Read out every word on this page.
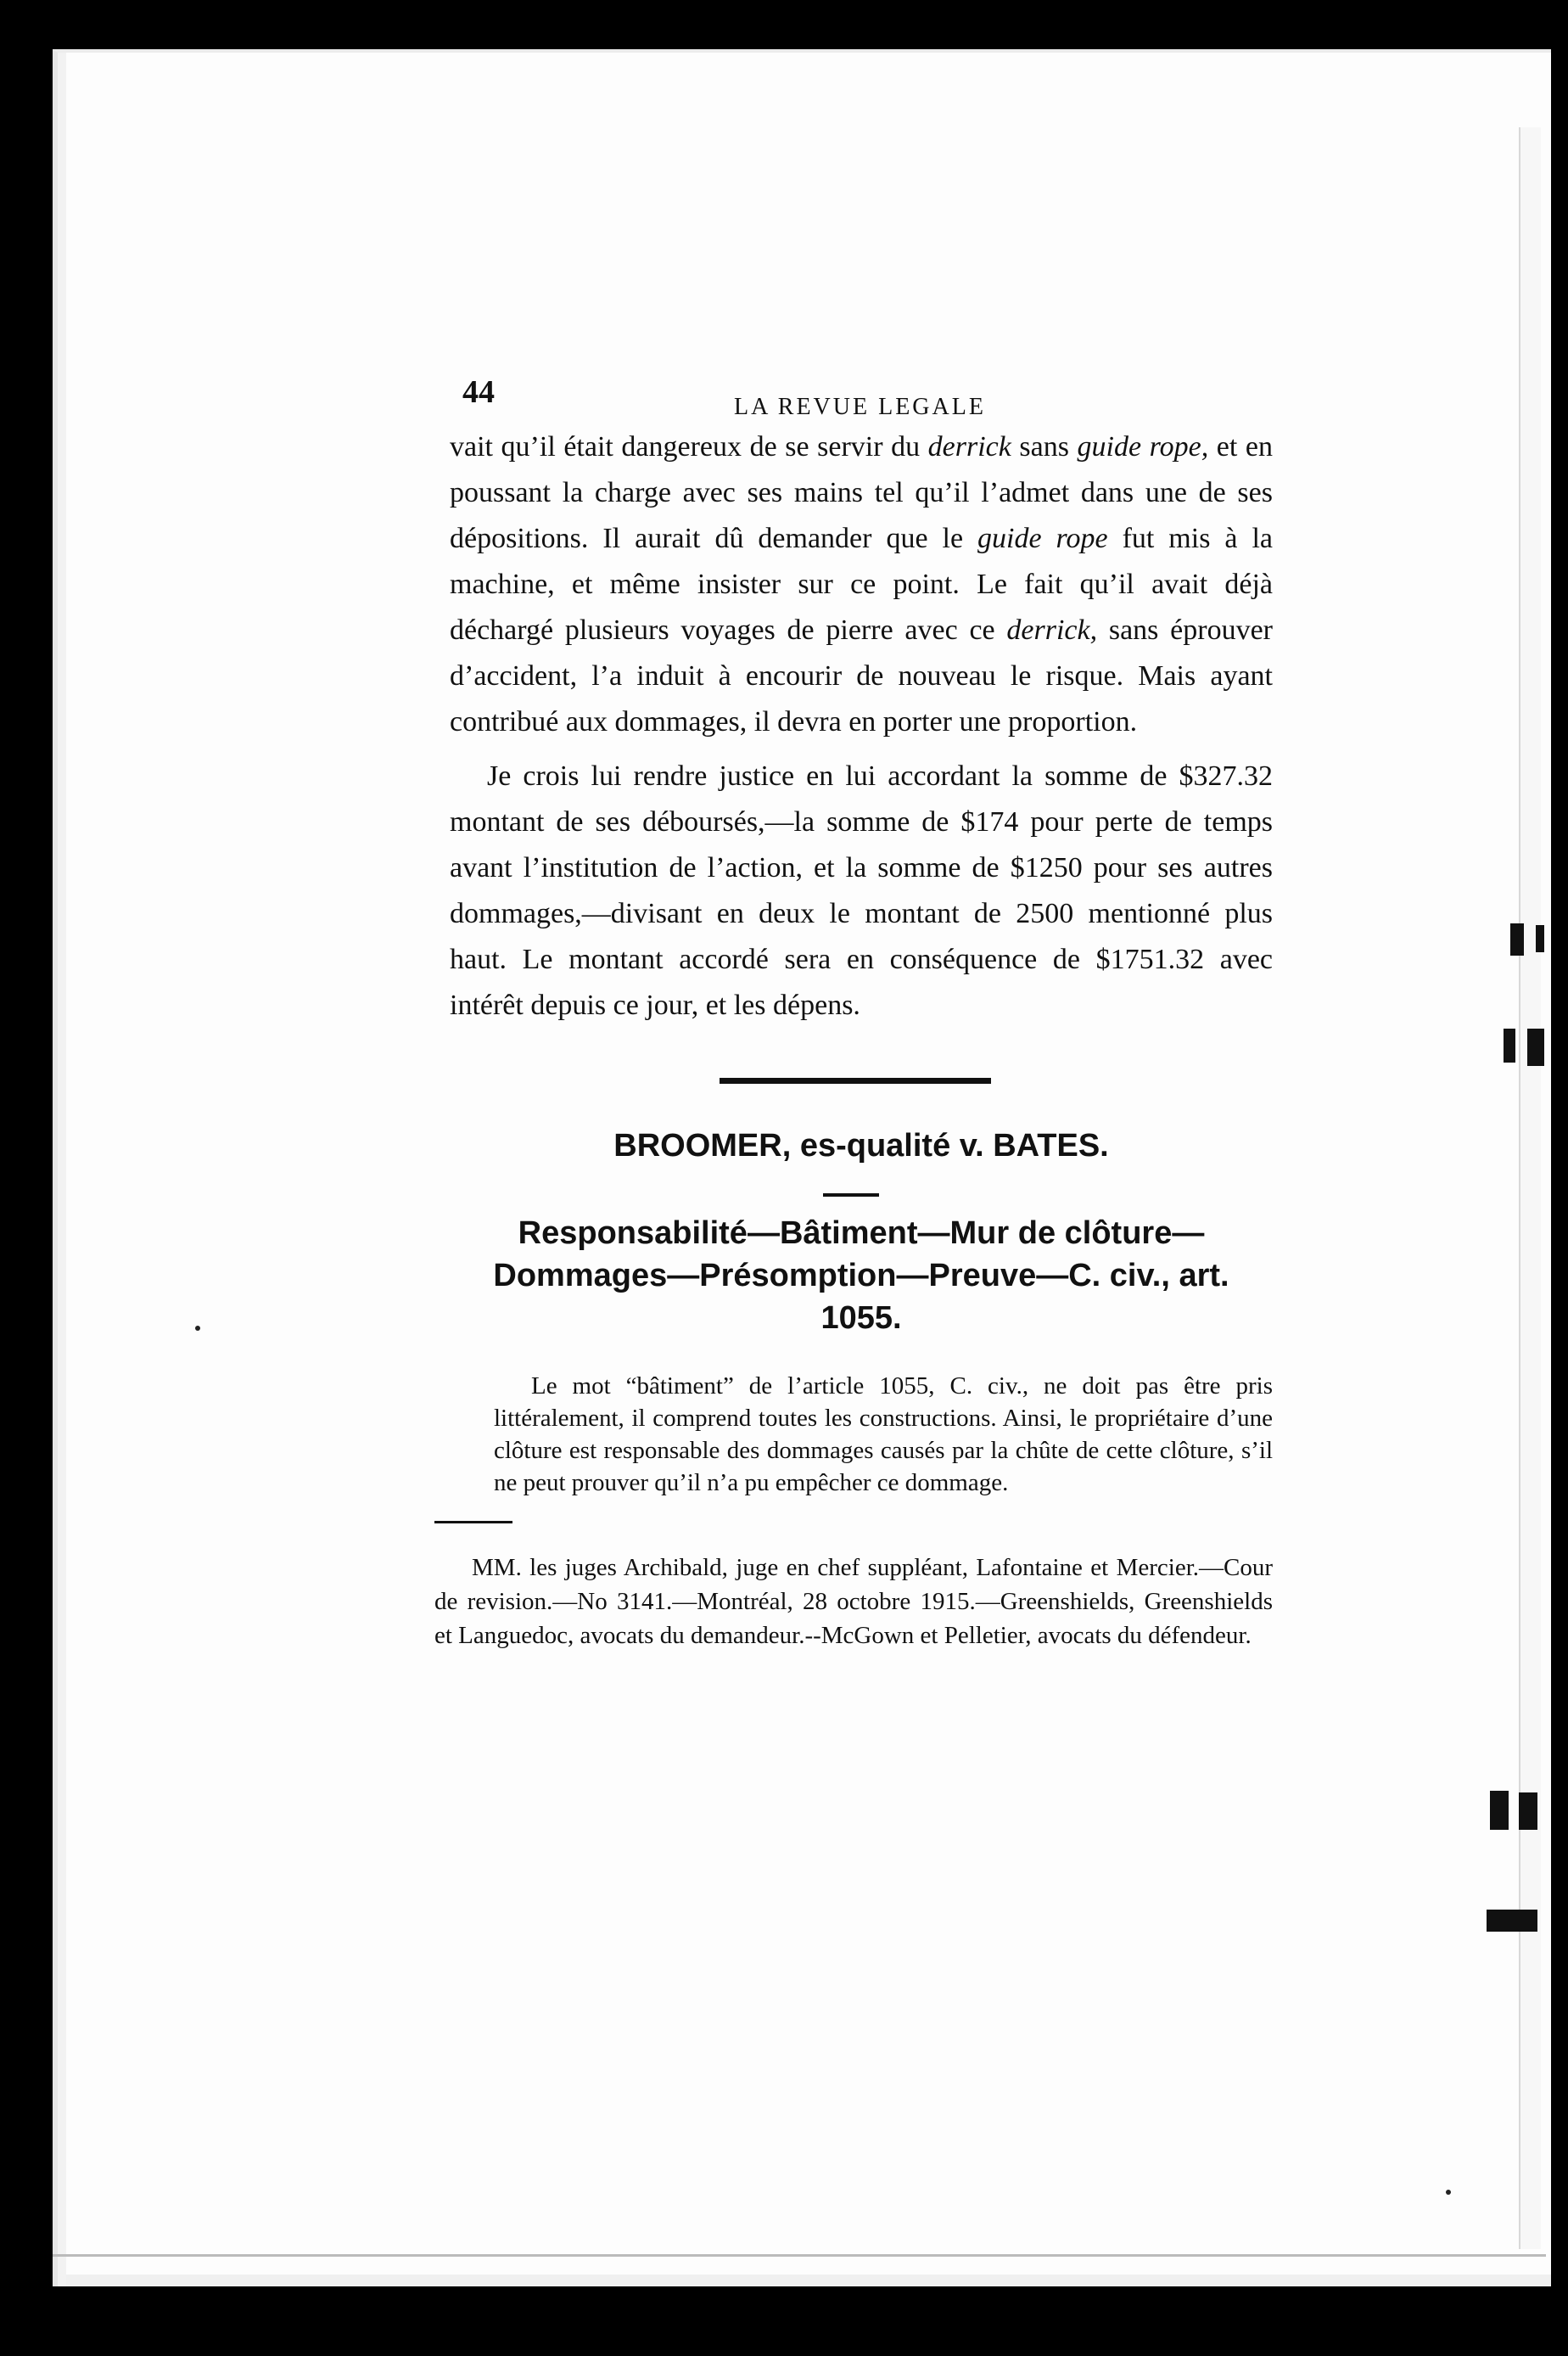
44	LA REVUE LEGALE

vait qu’il était dangereux de se servir du derrick sans guide rope, et en poussant la charge avec ses mains tel qu’il l’admet dans une de ses dépositions. Il aurait dû demander que le guide rope fut mis à la machine, et même insister sur ce point. Le fait qu’il avait déjà déchargé plusieurs voyages de pierre avec ce derrick, sans éprouver d’accident, l’a induit à encourir de nouveau le risque. Mais ayant contribué aux dommages, il devra en porter une proportion.

Je crois lui rendre justice en lui accordant la somme de $327.32 montant de ses déboursés,—la somme de $174 pour perte de temps avant l’institution de l’action, et la somme de $1250 pour ses autres dommages,—divisant en deux le montant de 2500 mentionné plus haut. Le montant accordé sera en conséquence de $1751.32 avec intérêt depuis ce jour, et les dépens.

BROOMER, es-qualité v. BATES.
Responsabilité—Bâtiment—Mur de clôture—Dommages—Présomption—Preuve—C. civ., art. 1055.

Le mot “bâtiment” de l’article 1055, C. civ., ne doit pas être pris littéralement, il comprend toutes les constructions. Ainsi, le propriétaire d’une clôture est responsable des dommages causés par la chûte de cette clôture, s’il ne peut prouver qu’il n’a pu empêcher ce dommage.

MM. les juges Archibald, juge en chef suppléant, Lafontaine et Mercier.—Cour de revision.—No 3141.—Montréal, 28 octobre 1915.—Greenshields, Greenshields et Languedoc, avocats du demandeur.--McGown et Pelletier, avocats du défendeur.
